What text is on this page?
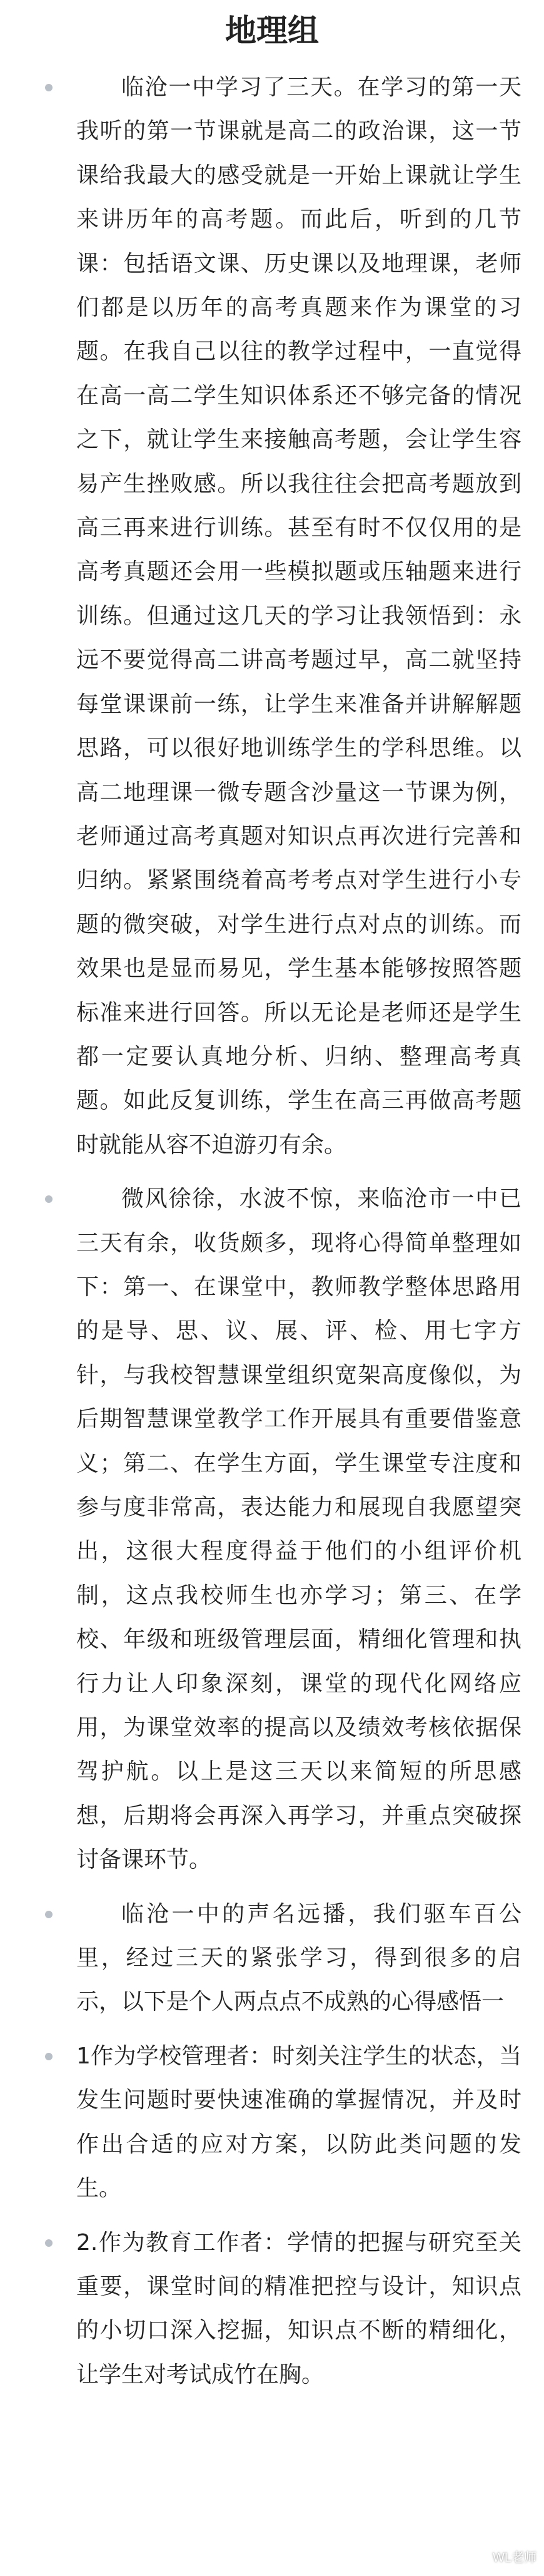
地理组

临沧一中学习了三天。在学习的第一天我听的第一节课就是高二的政治课，这一节课给我最大的感受就是一开始上课就让学生来讲历年的高考题。而此后，听到的几节课：包括语文课、历史课以及地理课，老师们都是以历年的高考真题来作为课堂的习题。在我自己以往的教学过程中，一直觉得在高一高二学生知识体系还不够完备的情况之下，就让学生来接触高考题，会让学生容易产生挫败感。所以我往往会把高考题放到高三再来进行训练。甚至有时不仅仅用的是高考真题还会用一些模拟题或压轴题来进行训练。但通过这几天的学习让我领悟到：永远不要觉得高二讲高考题过早，高二就坚持每堂课课前一练，让学生来准备并讲解解题思路，可以很好地训练学生的学科思维。以高二地理课一微专题含沙量这一节课为例，老师通过高考真题对知识点再次进行完善和归纳。紧紧围绕着高考考点对学生进行小专题的微突破，对学生进行点对点的训练。而效果也是显而易见，学生基本能够按照答题标准来进行回答。所以无论是老师还是学生都一定要认真地分析、归纳、整理高考真题。如此反复训练，学生在高三再做高考题时就能从容不迫游刃有余。

微风徐徐，水波不惊，来临沧市一中已三天有余，收货颇多，现将心得简单整理如下：第一、在课堂中，教师教学整体思路用的是导、思、议、展、评、检、用七字方针，与我校智慧课堂组织宽架高度像似，为后期智慧课堂教学工作开展具有重要借鉴意义；第二、在学生方面，学生课堂专注度和参与度非常高，表达能力和展现自我愿望突出，这很大程度得益于他们的小组评价机制，这点我校师生也亦学习；第三、在学校、年级和班级管理层面，精细化管理和执行力让人印象深刻，课堂的现代化网络应用，为课堂效率的提高以及绩效考核依据保驾护航。以上是这三天以来简短的所思感想，后期将会再深入再学习，并重点突破探讨备课环节。

临沧一中的声名远播，我们驱车百公里，经过三天的紧张学习，得到很多的启示，以下是个人两点点不成熟的心得感悟一

1作为学校管理者：时刻关注学生的状态，当发生问题时要快速准确的掌握情况，并及时作出合适的应对方案，以防此类问题的发生。

2.作为教育工作者：学情的把握与研究至关重要，课堂时间的精准把控与设计，知识点的小切口深入挖掘，知识点不断的精细化，让学生对考试成竹在胸。

WL老师
